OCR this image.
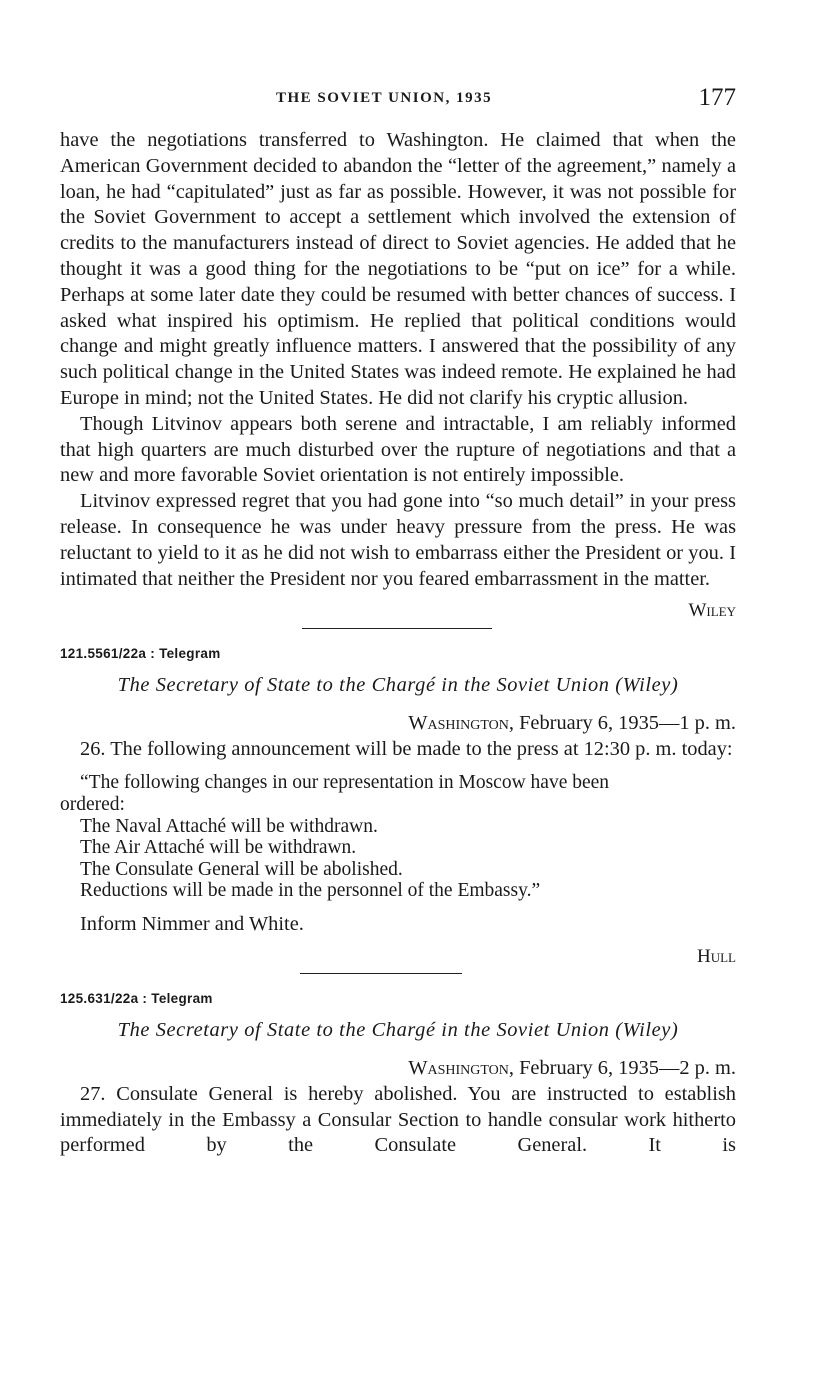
THE SOVIET UNION, 1935	177

have the negotiations transferred to Washington. He claimed that when the American Government decided to abandon the “letter of the agreement,” namely a loan, he had “capitulated” just as far as possible. However, it was not possible for the Soviet Government to accept a settlement which involved the extension of credits to the manufacturers instead of direct to Soviet agencies. He added that he thought it was a good thing for the negotiations to be “put on ice” for a while. Perhaps at some later date they could be resumed with better chances of success. I asked what inspired his optimism. He replied that political conditions would change and might greatly influence matters. I answered that the possibility of any such political change in the United States was indeed remote. He explained he had Europe in mind; not the United States. He did not clarify his cryptic allusion.

Though Litvinov appears both serene and intractable, I am reliably informed that high quarters are much disturbed over the rupture of negotiations and that a new and more favorable Soviet orientation is not entirely impossible.

Litvinov expressed regret that you had gone into “so much detail” in your press release. In consequence he was under heavy pressure from the press. He was reluctant to yield to it as he did not wish to embarrass either the President or you. I intimated that neither the President nor you feared embarrassment in the matter.

Wiley
121.5561/22a : Telegram
The Secretary of State to the Chargé in the Soviet Union (Wiley)
Washington, February 6, 1935—1 p. m.

26. The following announcement will be made to the press at 12:30 p. m. today:

“The following changes in our representation in Moscow have been
ordered:
The Naval Attaché will be withdrawn.
The Air Attaché will be withdrawn.
The Consulate General will be abolished.
Reductions will be made in the personnel of the Embassy.”
Inform Nimmer and White.
Hull
125.631/22a : Telegram
The Secretary of State to the Chargé in the Soviet Union (Wiley)
Washington, February 6, 1935—2 p. m.

27. Consulate General is hereby abolished. You are instructed to establish immediately in the Embassy a Consular Section to handle consular work hitherto performed by the Consulate General. It is
